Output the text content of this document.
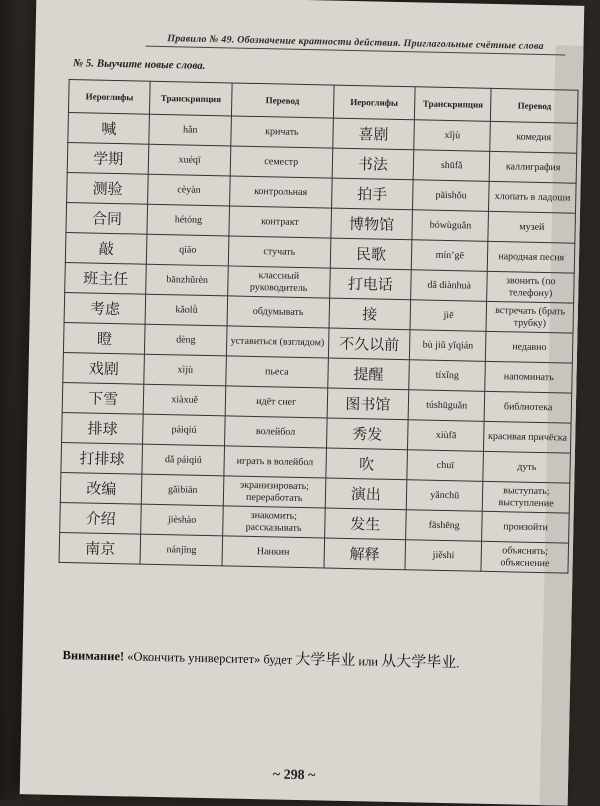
Правило № 49. Обозначение кратности действия. Приглагольные счётные слова
№ 5. Выучите новые слова.
Иероглифы	Транскрипция	Перевод	Иероглифы	Транскрипция	Перевод
喊	hǎn	кричать	喜剧	xǐjù	комедия
学期	xuéqī	семестр	书法	shūfǎ	каллиграфия
测验	cèyàn	контрольная	拍手	pāishǒu	хлопать в ладоши
合同	hétóng	контракт	博物馆	bówùguǎn	музей
敲	qiāo	стучать	民歌	mín’gē	народная песня
班主任	bānzhǔrèn	классный руководитель	打电话	dǎ diànhuà	звонить (по телефону)
考虑	kǎolǜ	обдумывать	接	jiē	встречать (брать трубку)
瞪	dèng	уставиться (взглядом)	不久以前	bù jiǔ yǐqián	недавно
戏剧	xìjù	пьеса	提醒	tíxǐng	напоминать
下雪	xiàxuě	идёт снег	图书馆	túshūguǎn	библиотека
排球	páiqiú	волейбол	秀发	xiùfā	красивая причёска
打排球	dǎ páiqiú	играть в волейбол	吹	chuī	дуть
改编	gǎibiān	экранизировать; переработать	演出	yǎnchū	выступать; выступление
介绍	jièshào	знакомить; рассказывать	发生	fāshēng	произойти
南京	nánjīng	Нанкин	解释	jiěshi	объяснять; объяснение
Внимание! «Окончить университет» будет 大学毕业 или 从大学毕业.
~ 298 ~
